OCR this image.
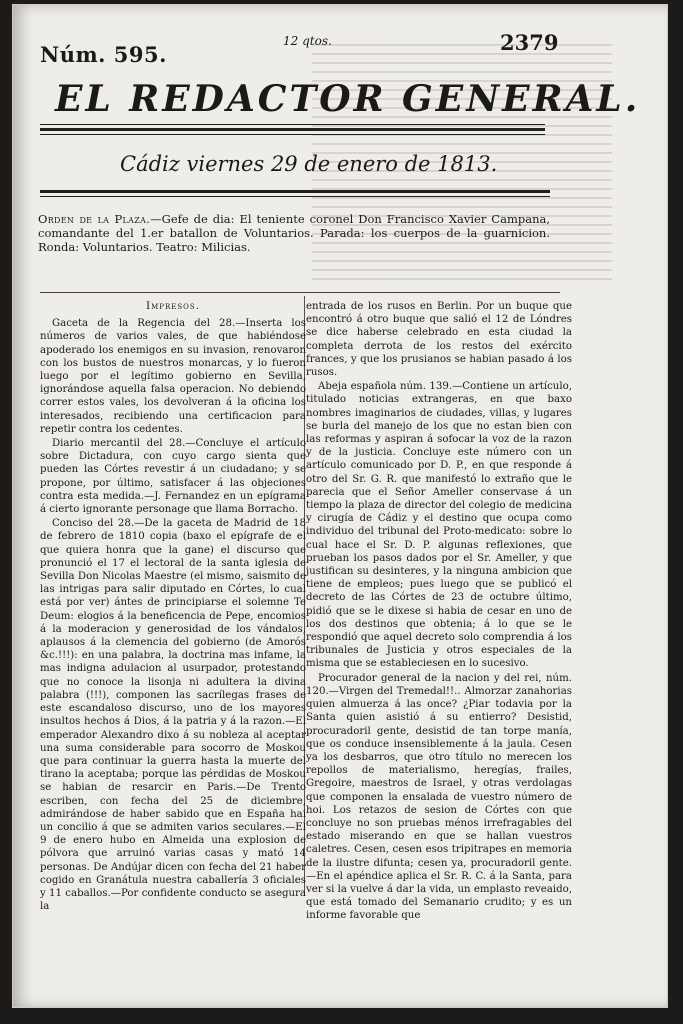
Núm. 595.
12 qtos.	2379
EL REDACTOR GENERAL.
Cádiz viernes 29 de enero de 1813.
Orden de la Plaza.—Gefe de dia: El teniente coronel Don Francisco Xavier Campana, comandante del 1.er batallon de Voluntarios. Parada: los cuerpos de la guarnicion. Ronda: Voluntarios. Teatro: Milicias.
Impresos.

Gaceta de la Regencia del 28.—Inserta los números de varios vales, de que habiéndose apoderado los enemigos en su invasion, renovaron con los bustos de nuestros monarcas, y lo fueron luego por el legítimo gobierno en Sevilla, ignorándose aquella falsa operacion. No debiendo correr estos vales, los devolveran á la oficina los interesados, recibiendo una certificacion para repetir contra los cedentes.

Diario mercantil del 28.—Concluye el artículo sobre Dictadura, con cuyo cargo sienta que pueden las Córtes revestir á un ciudadano; y se propone, por último, satisfacer á las objeciones contra esta medida.—J. Fernandez en un epígrama á cierto ignorante personage que llama Borracho.

Conciso del 28.—De la gaceta de Madrid de 18 de febrero de 1810 copia (baxo el epígrafe de el que quiera honra que la gane) el discurso que pronunció el 17 el lectoral de la santa iglesia de Sevilla Don Nicolas Maestre (el mismo, saismito de las intrigas para salir diputado en Córtes, lo cual está por ver) ántes de principiarse el solemne Te Deum: elogios á la beneficencia de Pepe, encomios á la moderacion y generosidad de los vándalos, aplausos á la clemencia del gobierno (de Amorós &c.!!!): en una palabra, la doctrina mas infame, la mas indigna adulacion al usurpador, protestando que no conoce la lisonja ni adultera la divina palabra (!!!), componen las sacrílegas frases de este escandaloso discurso, uno de los mayores insultos hechos á Dios, á la patria y á la razon.—El emperador Alexandro dixo á su nobleza al aceptar una suma considerable para socorro de Moskou que para continuar la guerra hasta la muerte del tirano la aceptaba; porque las pérdidas de Moskou se habian de resarcir en Paris.—De Trento escriben, con fecha del 25 de diciembre, admirándose de haber sabido que en España hai un concilio á que se admiten varios seculares.—El 9 de enero hubo en Almeida una explosion de pólvora que arruinó varias casas y mató 14 personas. De Andújar dicen con fecha del 21 haber cogido en Granátula nuestra caballería 3 oficiales y 11 caballos.—Por confidente conducto se asegura la

entrada de los rusos en Berlin. Por un buque que encontró á otro buque que salió el 12 de Lóndres se dice haberse celebrado en esta ciudad la completa derrota de los restos del exército frances, y que los prusianos se habian pasado á los rusos.

Abeja española núm. 139.—Contiene un artículo, titulado noticias extrangeras, en que baxo nombres imaginarios de ciudades, villas, y lugares se burla del manejo de los que no estan bien con las reformas y aspiran á sofocar la voz de la razon y de la justicia. Concluye este número con un artículo comunicado por D. P., en que responde á otro del Sr. G. R. que manifestó lo extraño que le parecia que el Señor Ameller conservase á un tiempo la plaza de director del colegio de medicina y cirugía de Cádiz y el destino que ocupa como individuo del tribunal del Proto-medicato: sobre lo cual hace el Sr. D. P. algunas reflexiones, que prueban los pasos dados por el Sr. Ameller, y que justifican su desinteres, y la ninguna ambicion que tiene de empleos; pues luego que se publicó el decreto de las Córtes de 23 de octubre último, pidió que se le dixese si habia de cesar en uno de los dos destinos que obtenia; á lo que se le respondió que aquel decreto solo comprendia á los tribunales de Justicia y otros especiales de la misma que se estableciesen en lo sucesivo.

Procurador general de la nacion y del rei, núm. 120.—Virgen del Tremedal!!.. Almorzar zanahorias quien almuerza á las once? ¿Piar todavia por la Santa quien asistió á su entierro? Desistid, procuradoril gente, desistid de tan torpe manía, que os conduce insensiblemente á la jaula. Cesen ya los desbarros, que otro título no merecen los repollos de materialismo, heregías, frailes, Gregoire, maestros de Israel, y otras verdolagas que componen la ensalada de vuestro número de hoi. Los retazos de sesion de Córtes con que concluye no son pruebas ménos irrefragables del estado miserando en que se hallan vuestros caletres. Cesen, cesen esos tripitrapes en memoria de la ilustre difunta; cesen ya, procuradoril gente.—En el apéndice aplica el Sr. R. C. á la Santa, para ver si la vuelve á dar la vida, un emplasto reveaido, que está tomado del Semanario crudito; y es un informe favorable que
